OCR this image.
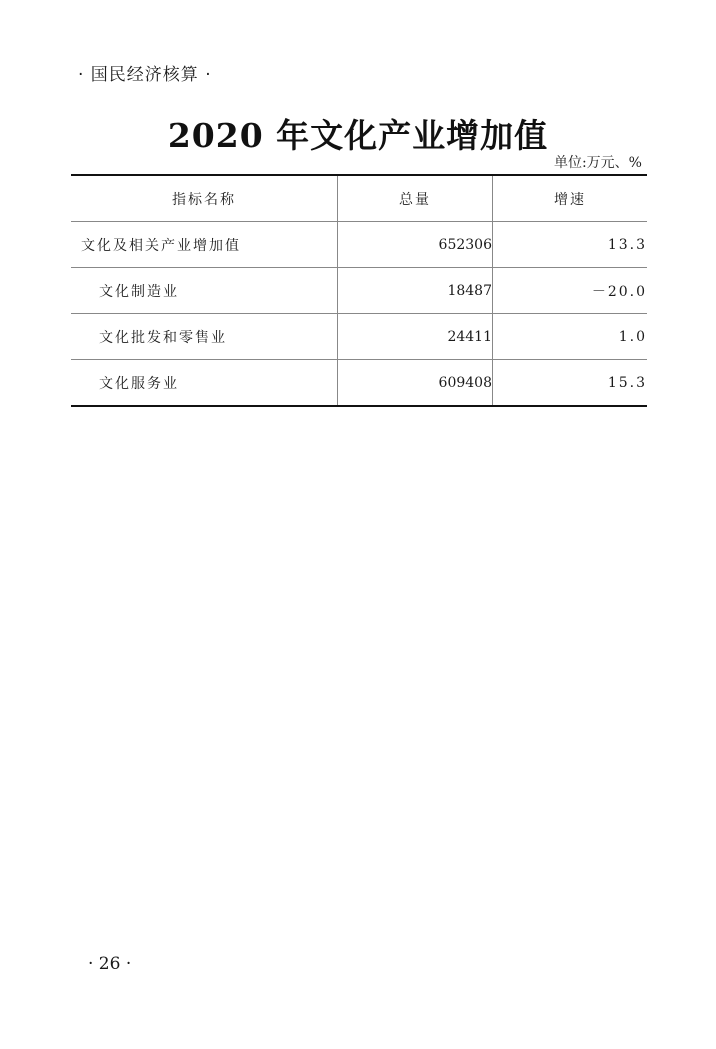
· 国民经济核算 ·
2020 年文化产业增加值
单位:万元、%
指标名称	总量	增速
文化及相关产业增加值	652306	13.3
文化制造业	18487	－20.0
文化批发和零售业	24411	1.0
文化服务业	609408	15.3
· 26 ·
